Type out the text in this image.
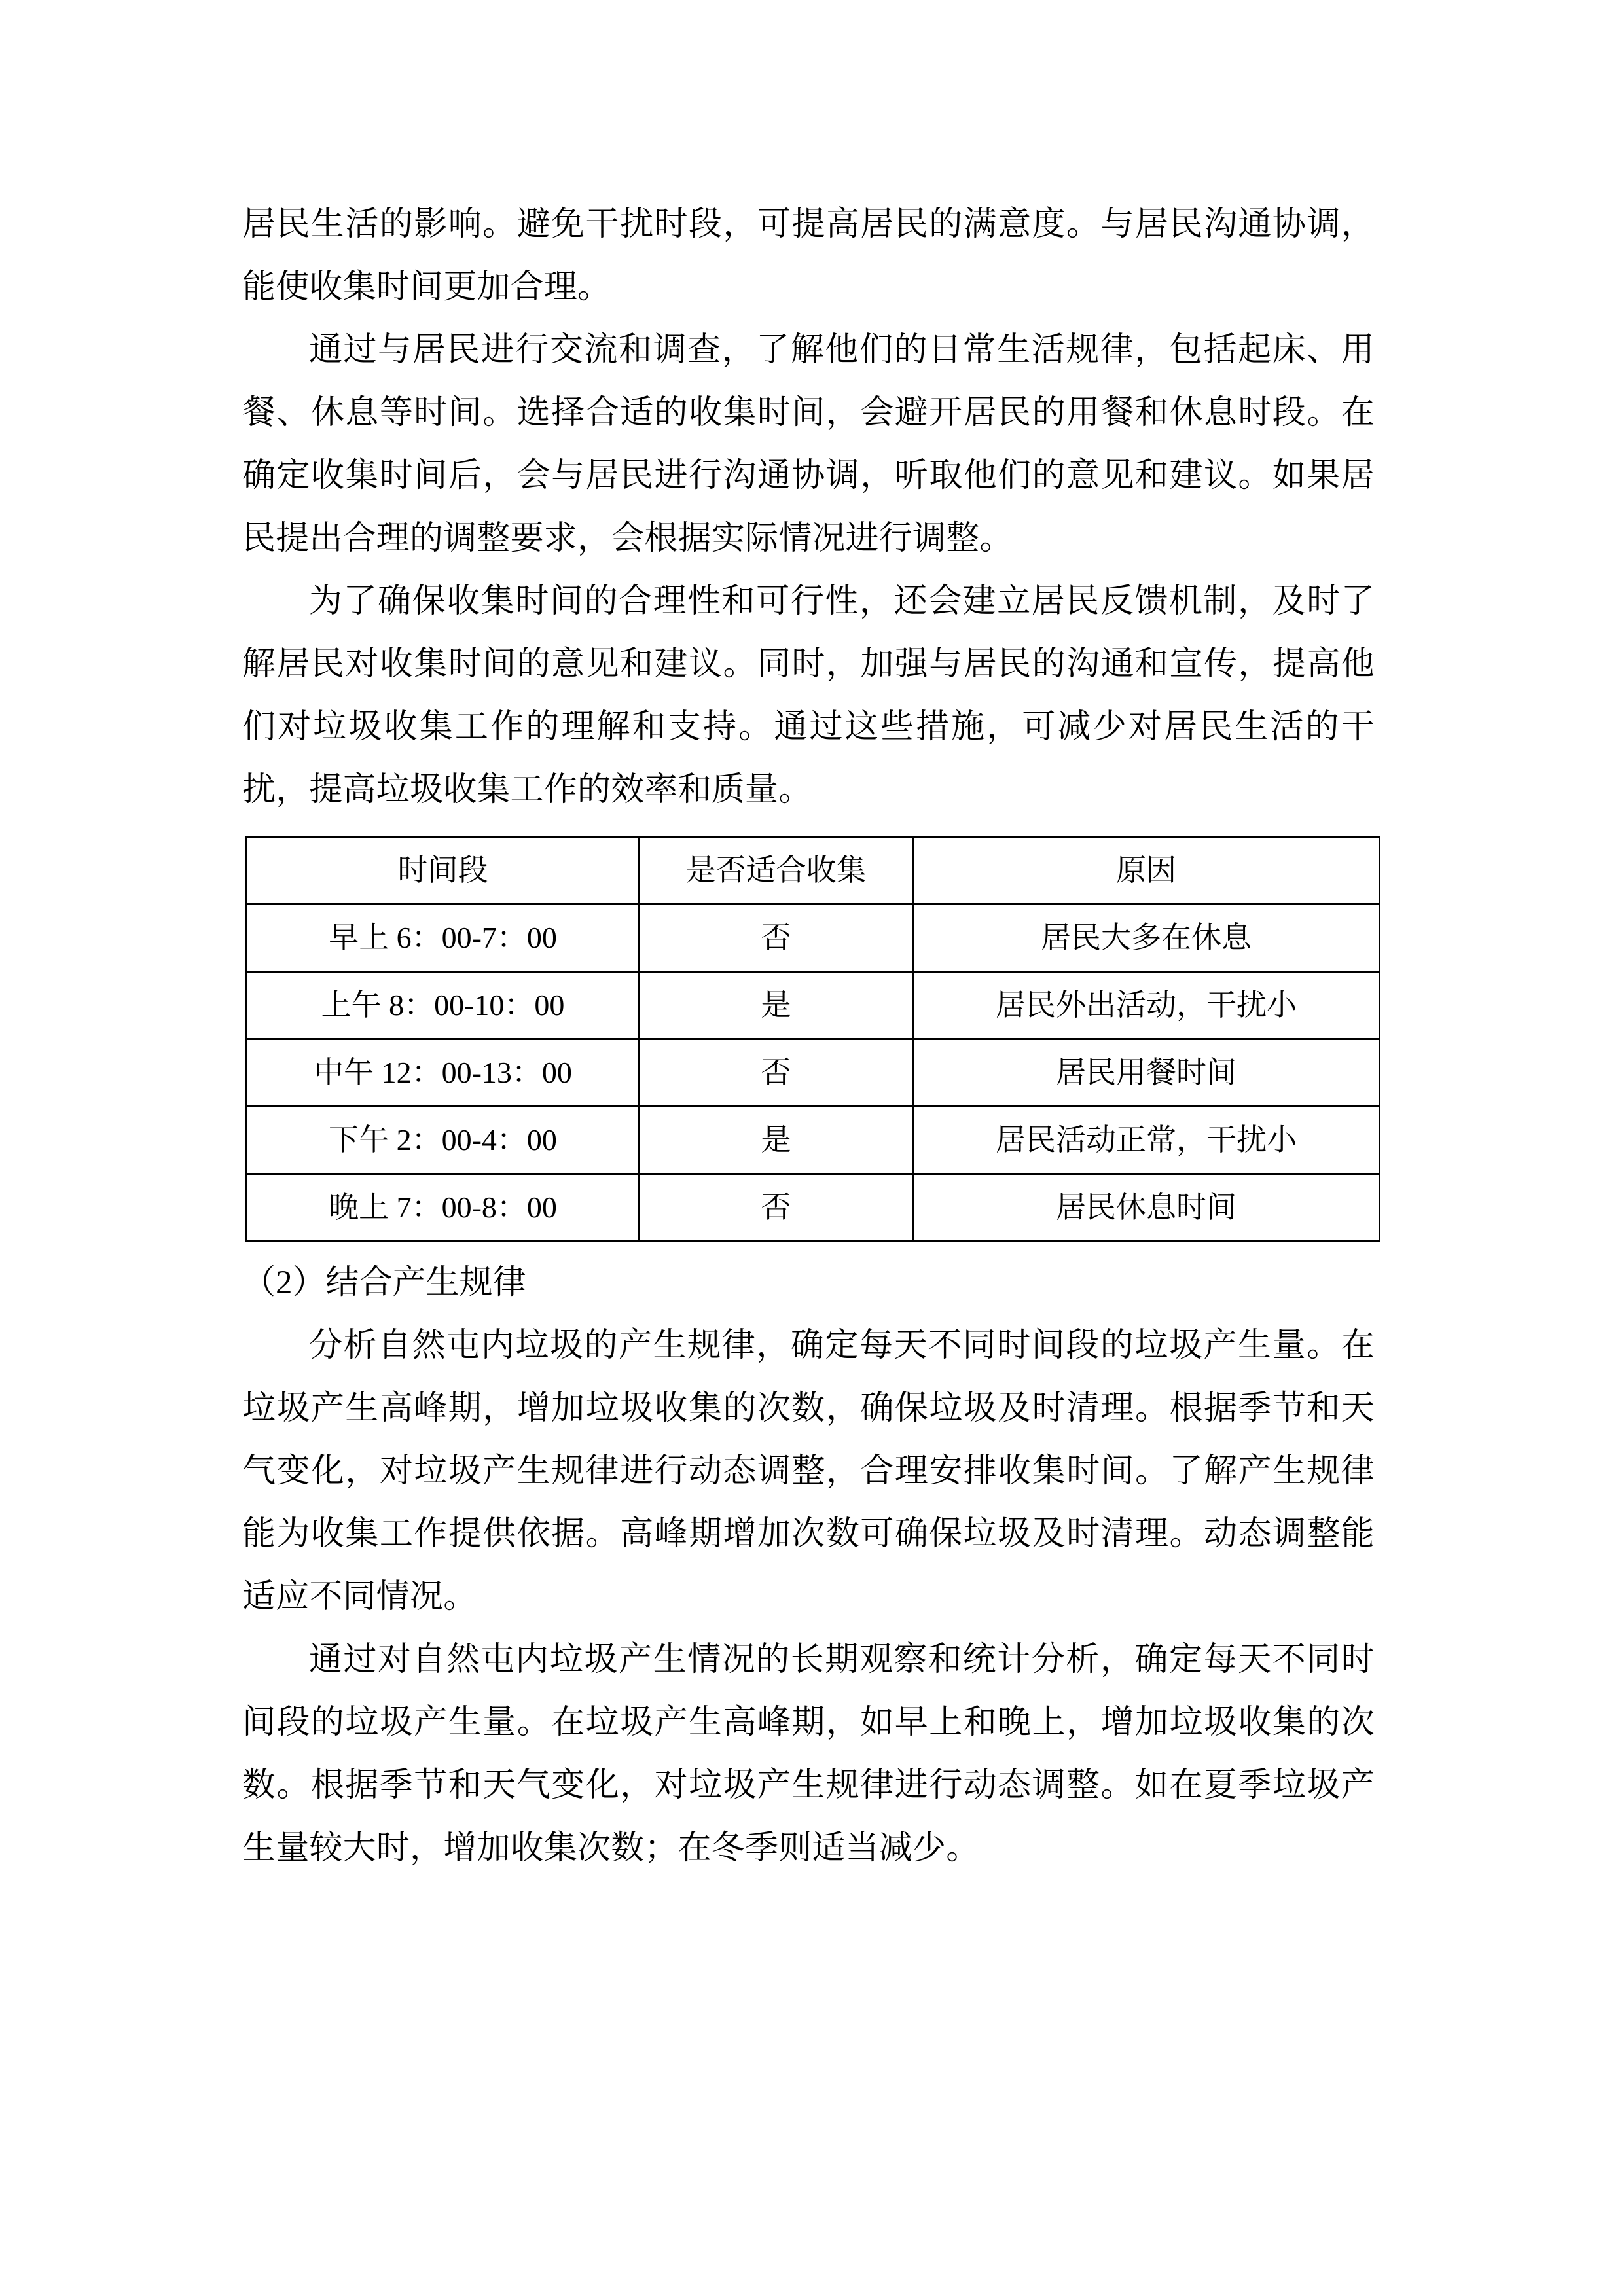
居民生活的影响。避免干扰时段，可提高居民的满意度。与居民沟通协调，能使收集时间更加合理。

通过与居民进行交流和调查，了解他们的日常生活规律，包括起床、用餐、休息等时间。选择合适的收集时间，会避开居民的用餐和休息时段。在确定收集时间后，会与居民进行沟通协调，听取他们的意见和建议。如果居民提出合理的调整要求，会根据实际情况进行调整。

为了确保收集时间的合理性和可行性，还会建立居民反馈机制，及时了解居民对收集时间的意见和建议。同时，加强与居民的沟通和宣传，提高他们对垃圾收集工作的理解和支持。通过这些措施，可减少对居民生活的干扰，提高垃圾收集工作的效率和质量。

时间段	是否适合收集	原因
早上 6：00-7：00	否	居民大多在休息
上午 8：00-10：00	是	居民外出活动，干扰小
中午 12：00-13：00	否	居民用餐时间
下午 2：00-4：00	是	居民活动正常，干扰小
晚上 7：00-8：00	否	居民休息时间

（2）结合产生规律

分析自然屯内垃圾的产生规律，确定每天不同时间段的垃圾产生量。在垃圾产生高峰期，增加垃圾收集的次数，确保垃圾及时清理。根据季节和天气变化，对垃圾产生规律进行动态调整，合理安排收集时间。了解产生规律能为收集工作提供依据。高峰期增加次数可确保垃圾及时清理。动态调整能适应不同情况。

通过对自然屯内垃圾产生情况的长期观察和统计分析，确定每天不同时间段的垃圾产生量。在垃圾产生高峰期，如早上和晚上，增加垃圾收集的次数。根据季节和天气变化，对垃圾产生规律进行动态调整。如在夏季垃圾产生量较大时，增加收集次数；在冬季则适当减少。
